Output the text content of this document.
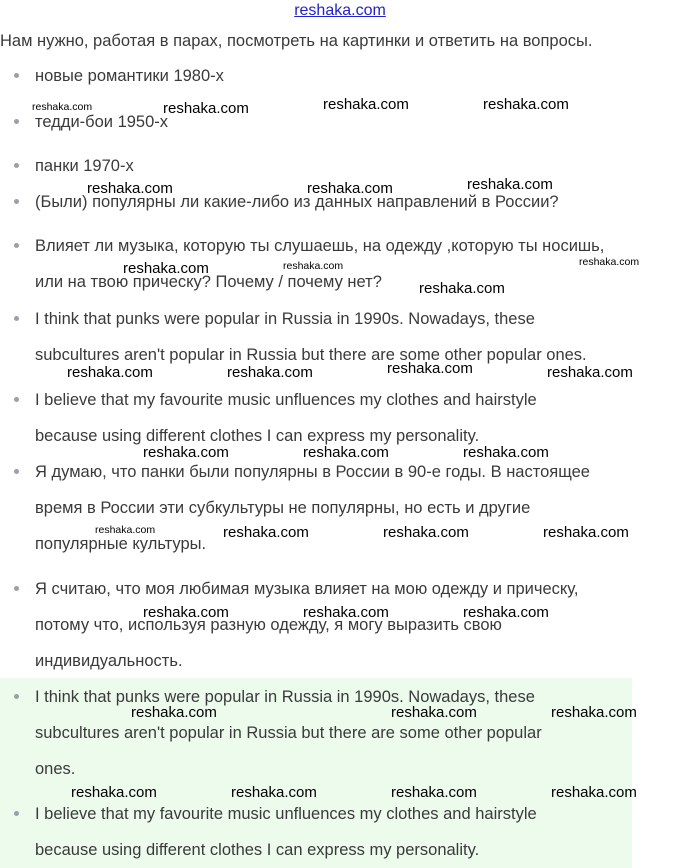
reshaka.com
Нам нужно, работая в парах, посмотреть на картинки и ответить на вопросы.
новые романтики 1980-х
тедди-бои 1950-х
панки 1970-х
(Были) популярны ли какие-либо из данных направлений в России?
Влияет ли музыка, которую ты слушаешь, на одежду ,которую ты носишь,
или на твою прическу? Почему / почему нет?
I think that punks were popular in Russia in 1990s. Nowadays, these
subcultures aren't popular in Russia but there are some other popular ones.
I believe that my favourite music unfluences my clothes and hairstyle
because using different clothes I can express my personality.
Я думаю, что панки были популярны в России в 90-е годы. В настоящее
время в России эти субкультуры не популярны, но есть и другие
популярные культуры.
Я считаю, что моя любимая музыка влияет на мою одежду и прическу,
потому что, используя разную одежду, я могу выразить свою
индивидуальность.
I think that punks were popular in Russia in 1990s. Nowadays, these
subcultures aren't popular in Russia but there are some other popular
ones.
I believe that my favourite music unfluences my clothes and hairstyle
because using different clothes I can express my personality.
reshaka.com	reshaka.com	reshaka.com	reshaka.com
reshaka.com	reshaka.com	reshaka.com
reshaka.com	reshaka.com
reshaka.com
reshaka.com
reshaka.com	reshaka.com	reshaka.com	reshaka.com
reshaka.com	reshaka.com	reshaka.com
reshaka.com	reshaka.com	reshaka.com	reshaka.com
reshaka.com	reshaka.com	reshaka.com
reshaka.com	reshaka.com	reshaka.com
reshaka.com	reshaka.com	reshaka.com	reshaka.com
